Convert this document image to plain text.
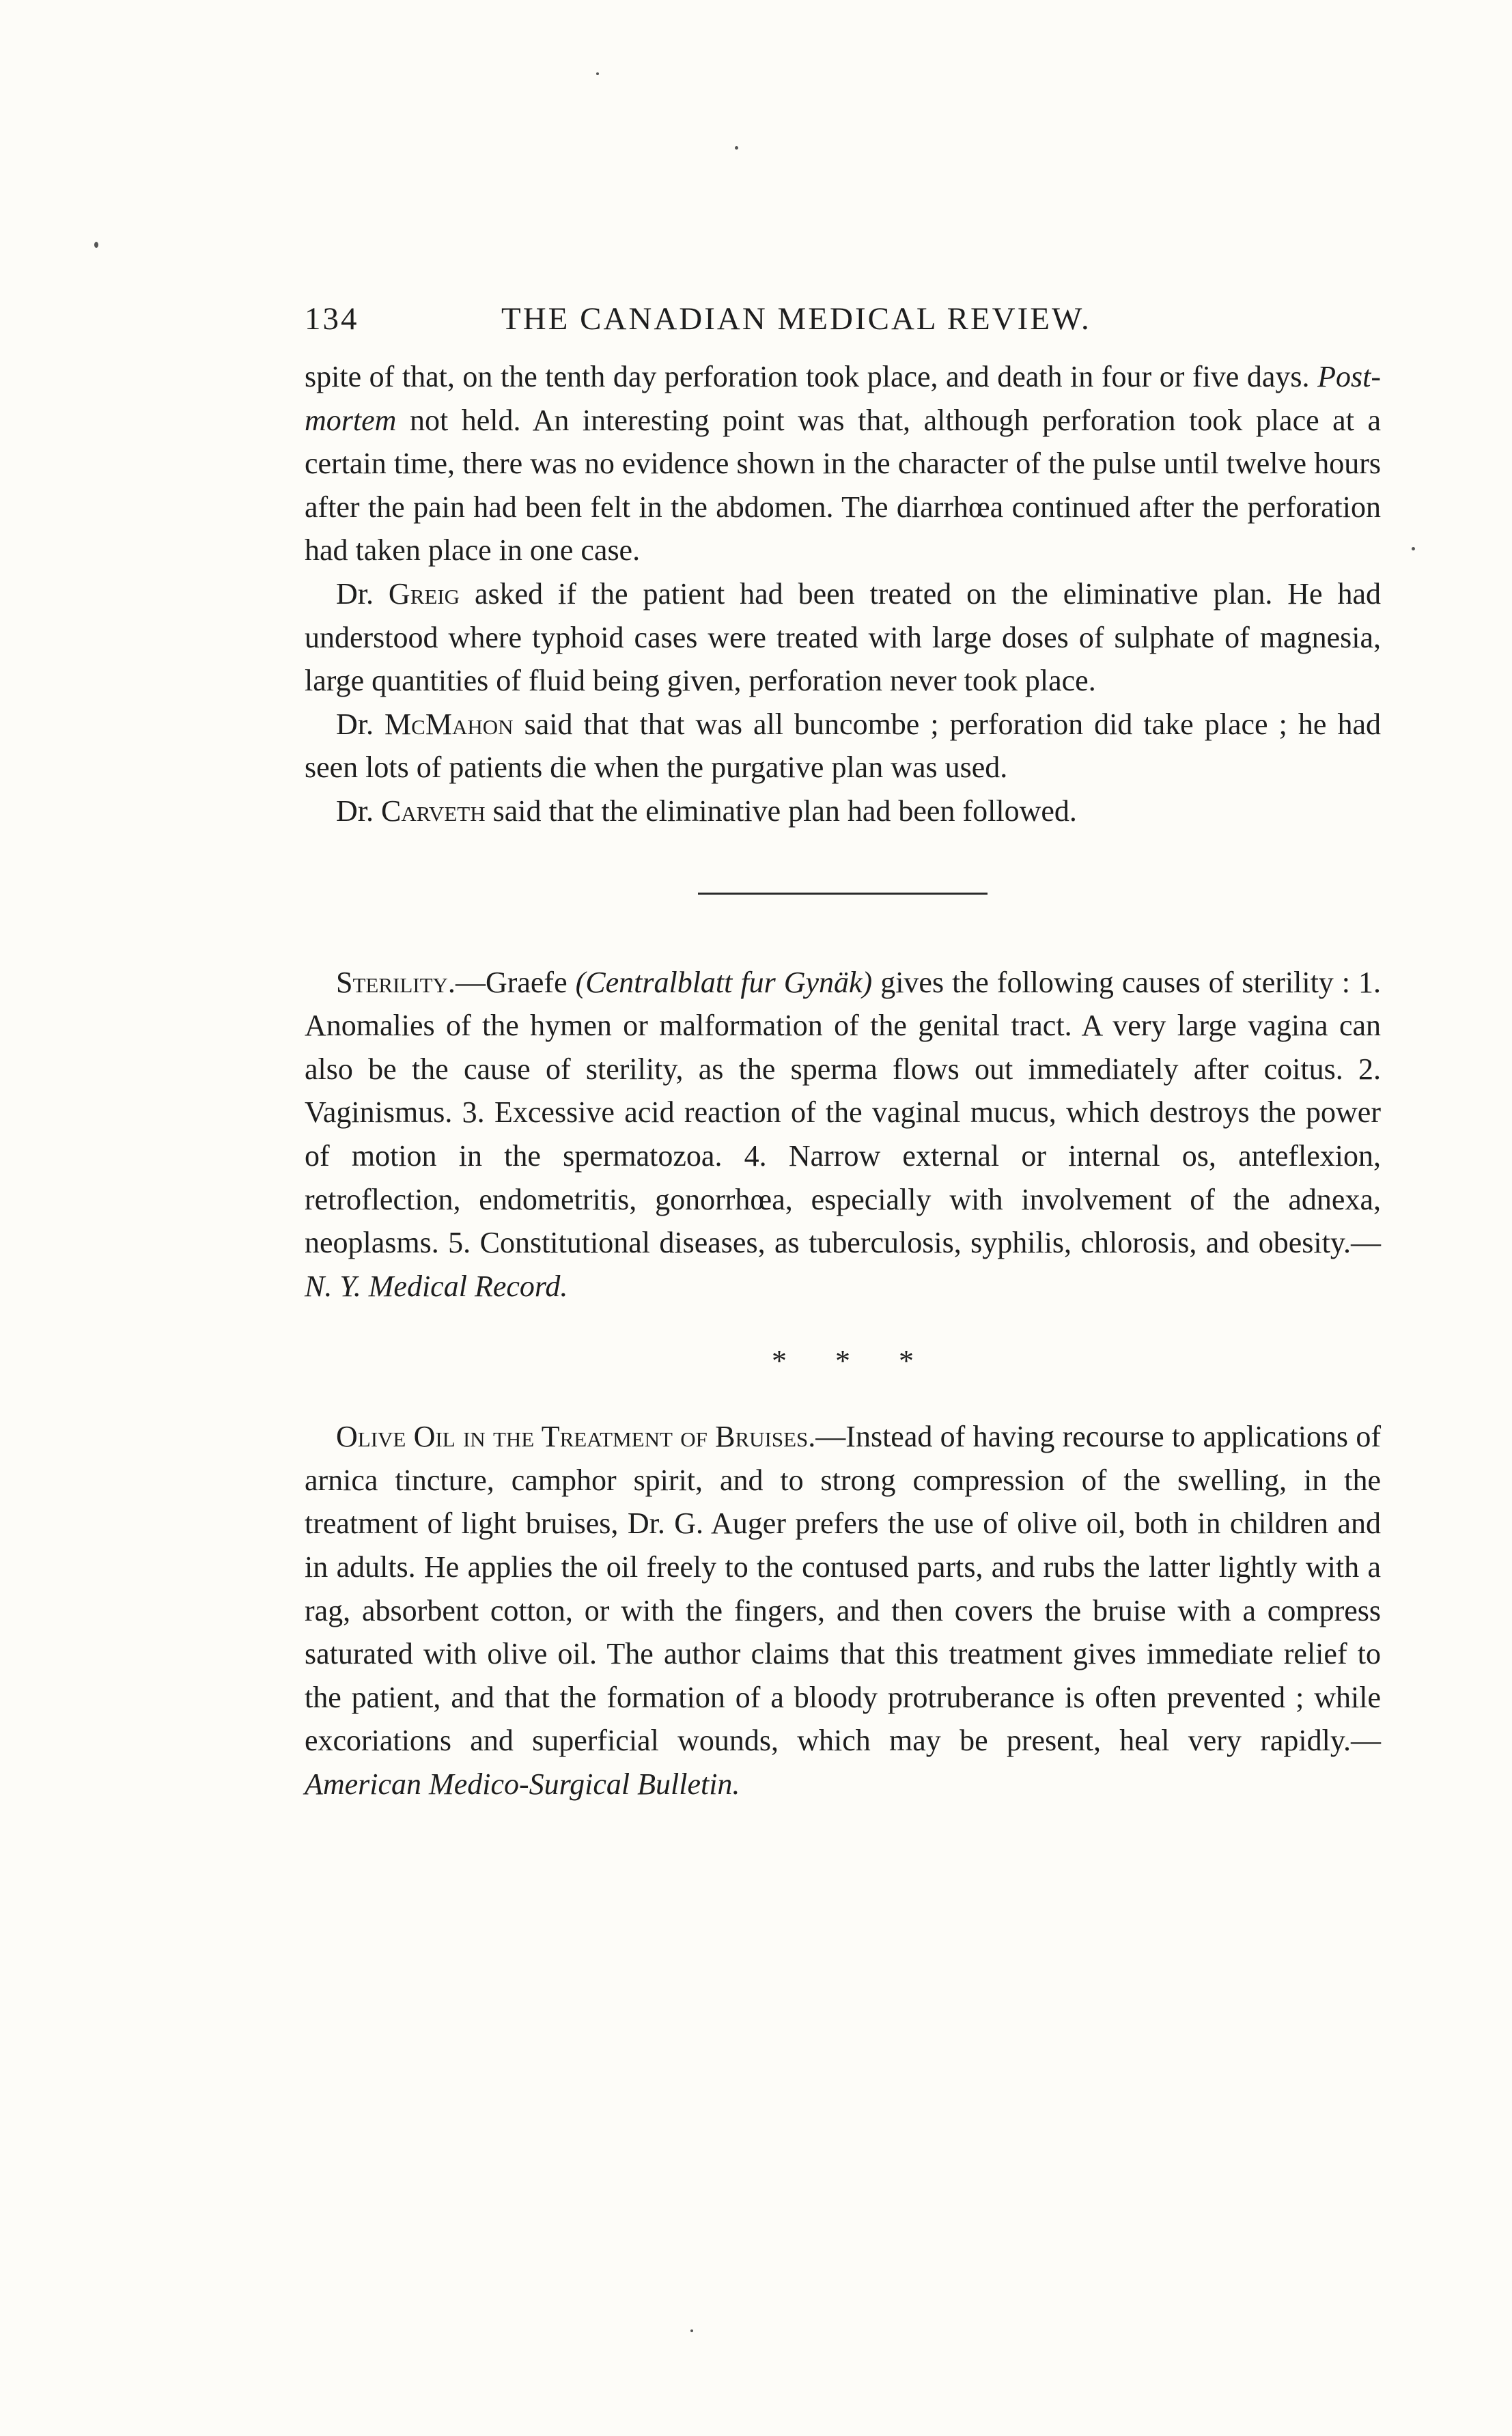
134	THE CANADIAN MEDICAL REVIEW.

spite of that, on the tenth day perforation took place, and death in four or five days. Post-mortem not held. An interesting point was that, although perforation took place at a certain time, there was no evidence shown in the character of the pulse until twelve hours after the pain had been felt in the abdomen. The diarrhœa continued after the perforation had taken place in one case.

Dr. Greig asked if the patient had been treated on the eliminative plan. He had understood where typhoid cases were treated with large doses of sulphate of magnesia, large quantities of fluid being given, perforation never took place.

Dr. McMahon said that that was all buncombe ; perforation did take place ; he had seen lots of patients die when the purgative plan was used.

Dr. Carveth said that the eliminative plan had been followed.

Sterility.—Graefe (Centralblatt fur Gynäk) gives the following causes of sterility : 1. Anomalies of the hymen or malformation of the genital tract. A very large vagina can also be the cause of sterility, as the sperma flows out immediately after coitus. 2. Vaginismus. 3. Excessive acid reaction of the vaginal mucus, which destroys the power of motion in the spermatozoa. 4. Narrow external or internal os, anteflexion, retroflection, endometritis, gonorrhœa, especially with involvement of the adnexa, neoplasms. 5. Constitutional diseases, as tuberculosis, syphilis, chlorosis, and obesity.—N. Y. Medical Record.

* * *

Olive Oil in the Treatment of Bruises.—Instead of having recourse to applications of arnica tincture, camphor spirit, and to strong compression of the swelling, in the treatment of light bruises, Dr. G. Auger prefers the use of olive oil, both in children and in adults. He applies the oil freely to the contused parts, and rubs the latter lightly with a rag, absorbent cotton, or with the fingers, and then covers the bruise with a compress saturated with olive oil. The author claims that this treatment gives immediate relief to the patient, and that the formation of a bloody protruberance is often prevented ; while excoriations and superficial wounds, which may be present, heal very rapidly.—American Medico-Surgical Bulletin.
